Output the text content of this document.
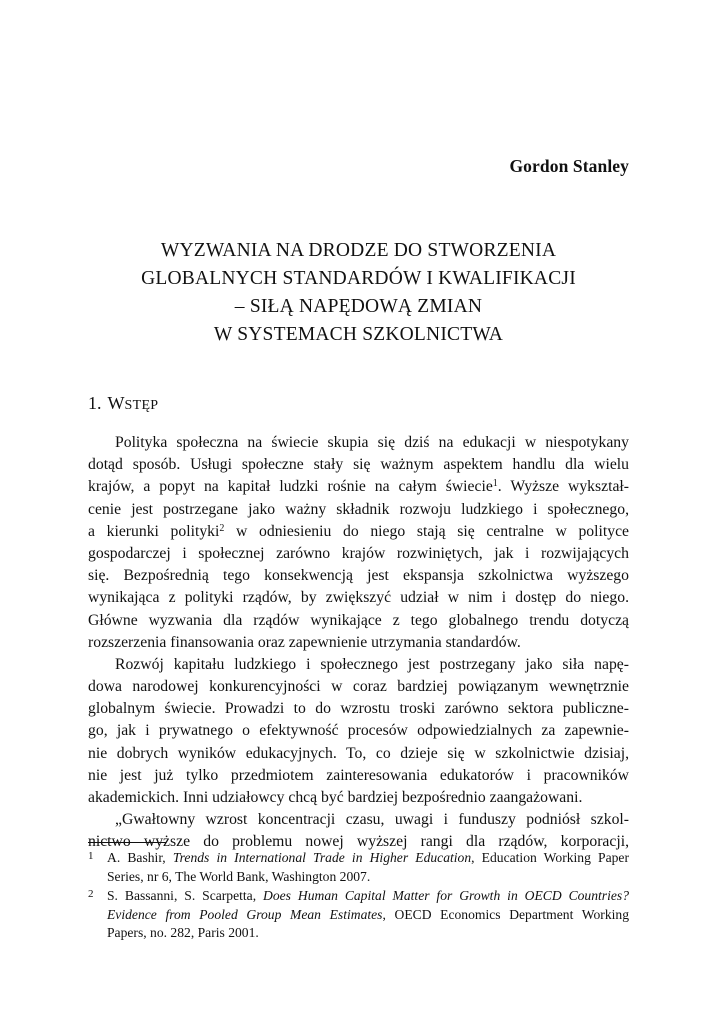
Gordon Stanley
WYZWANIA NA DRODZE DO STWORZENIA
GLOBALNYCH STANDARDÓW I KWALIFIKACJI
– SIŁĄ NAPĘDOWĄ ZMIAN
W SYSTEMACH SZKOLNICTWA
1. WSTĘP
Polityka społeczna na świecie skupia się dziś na edukacji w niespotykany
dotąd sposób. Usługi społeczne stały się ważnym aspektem handlu dla wielu
krajów, a popyt na kapitał ludzki rośnie na całym świecie$^1$. Wyższe wykształ-
cenie jest postrzegane jako ważny składnik rozwoju ludzkiego i społecznego,
a kierunki polityki$^2$ w odniesieniu do niego stają się centralne w polityce
gospodarczej i społecznej zarówno krajów rozwiniętych, jak i rozwijających
się. Bezpośrednią tego konsekwencją jest ekspansja szkolnictwa wyższego
wynikająca z polityki rządów, by zwiększyć udział w nim i dostęp do niego.
Główne wyzwania dla rządów wynikające z tego globalnego trendu dotyczą
rozszerzenia finansowania oraz zapewnienie utrzymania standardów.
Rozwój kapitału ludzkiego i społecznego jest postrzegany jako siła napę-
dowa narodowej konkurencyjności w coraz bardziej powiązanym wewnętrznie
globalnym świecie. Prowadzi to do wzrostu troski zarówno sektora publiczne-
go, jak i prywatnego o efektywność procesów odpowiedzialnych za zapewnie-
nie dobrych wyników edukacyjnych. To, co dzieje się w szkolnictwie dzisiaj,
nie jest już tylko przedmiotem zainteresowania edukatorów i pracowników
akademickich. Inni udziałowcy chcą być bardziej bezpośrednio zaangażowani.
„Gwałtowny wzrost koncentracji czasu, uwagi i funduszy podniósł szkol-
nictwo wyższe do problemu nowej wyższej rangi dla rządów, korporacji,
1 A. Bashir, Trends in International Trade in Higher Education, Education Working Paper
Series, nr 6, The World Bank, Washington 2007.
2 S. Bassanni, S. Scarpetta, Does Human Capital Matter for Growth in OECD Countries?
Evidence from Pooled Group Mean Estimates, OECD Economics Department Working
Papers, no. 282, Paris 2001.
